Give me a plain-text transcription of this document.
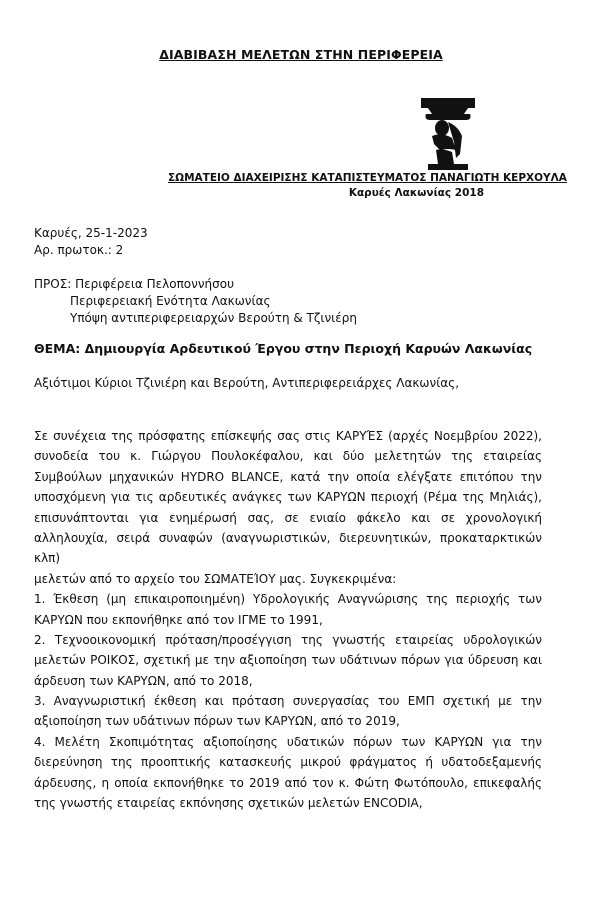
ΔΙΑΒΙΒΑΣΗ ΜΕΛΕΤΩΝ ΣΤΗΝ ΠΕΡΙΦΕΡΕΙΑ
ΣΩΜΑΤΕΙΟ ΔΙΑΧΕΙΡΙΣΗΣ ΚΑΤΑΠΙΣΤΕΥΜΑΤΟΣ ΠΑΝΑΓΙΩΤΗ ΚΕΡΧΟΥΛΑ
Καρυές Λακωνίας 2018
Καρυές, 25-1-2023
Αρ. πρωτοκ.: 2
ΠΡΟΣ: Περιφέρεια Πελοποννήσου
Περιφερειακή Ενότητα Λακωνίας
Υπόψη αντιπεριφερειαρχών Βερούτη & Τζινιέρη
ΘΕΜΑ: Δημιουργία Αρδευτικού Έργου στην Περιοχή Καρυών Λακωνίας
Αξιότιμοι Κύριοι Τζινιέρη και Βερούτη, Αντιπεριφερειάρχες Λακωνίας,
Σε συνέχεια της πρόσφατης επίσκεψής σας στις ΚΑΡΥΈΣ (αρχές Νοεμβρίου 2022),
συνοδεία του κ. Γιώργου Πουλοκέφαλου, και δύο μελετητών της εταιρείας
Συμβούλων μηχανικών HYDRO BLANCE, κατά την οποία ελέγξατε επιτόπου την
υποσχόμενη για τις αρδευτικές ανάγκες των ΚΑΡΥΩΝ περιοχή (Ρέμα της Μηλιάς),
επισυνάπτονται για ενημέρωσή σας, σε ενιαίο φάκελο και σε χρονολογική
αλληλουχία, σειρά συναφών (αναγνωριστικών, διερευνητικών, προκαταρκτικών κλπ)
μελετών από το αρχείο του ΣΩΜΑΤΕΊΟΥ μας. Συγκεκριμένα:
1. Έκθεση (μη επικαιροποιημένη) Υδρολογικής Αναγνώρισης της περιοχής των
ΚΑΡΥΩΝ που εκπονήθηκε από τον ΙΓΜΕ το 1991,
2. Τεχνοοικονομική πρόταση/προσέγγιση της γνωστής εταιρείας υδρολογικών
μελετών ΡΟΙΚΟΣ, σχετική με την αξιοποίηση των υδάτινων πόρων για ύδρευση και
άρδευση των ΚΑΡΥΩΝ, από το 2018,
3. Αναγνωριστική έκθεση και πρόταση συνεργασίας του ΕΜΠ σχετική με την
αξιοποίηση των υδάτινων πόρων των ΚΑΡΥΩΝ, από το 2019,
4. Μελέτη Σκοπιμότητας αξιοποίησης υδατικών πόρων των ΚΑΡΥΩΝ για την
διερεύνηση της προοπτικής κατασκευής μικρού φράγματος ή υδατοδεξαμενής
άρδευσης, η οποία εκπονήθηκε το 2019 από τον κ. Φώτη Φωτόπουλο, επικεφαλής
της γνωστής εταιρείας εκπόνησης σχετικών μελετών ENCODIA,
